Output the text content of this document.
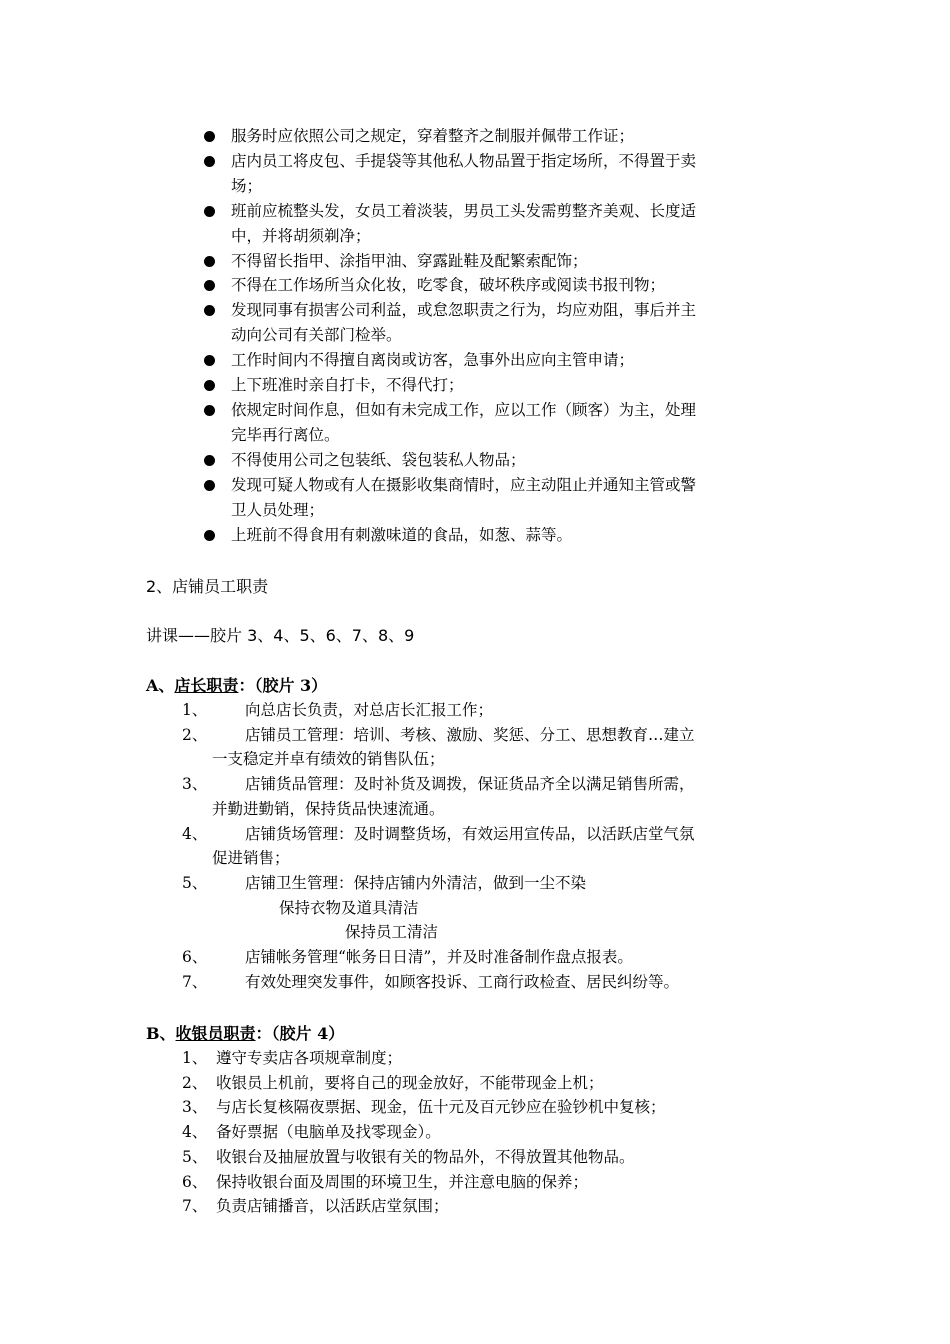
服务时应依照公司之规定，穿着整齐之制服并佩带工作证；
店内员工将皮包、手提袋等其他私人物品置于指定场所，不得置于卖
场；
班前应梳整头发，女员工着淡装，男员工头发需剪整齐美观、长度适
中，并将胡须剃净；
不得留长指甲、涂指甲油、穿露趾鞋及配繁索配饰；
不得在工作场所当众化妆，吃零食，破坏秩序或阅读书报刊物；
发现同事有损害公司利益，或怠忽职责之行为，均应劝阻，事后并主
动向公司有关部门检举。
工作时间内不得擅自离岗或访客，急事外出应向主管申请；
上下班准时亲自打卡，不得代打；
依规定时间作息，但如有未完成工作，应以工作（顾客）为主，处理
完毕再行离位。
不得使用公司之包装纸、袋包装私人物品；
发现可疑人物或有人在摄影收集商情时，应主动阻止并通知主管或警
卫人员处理；
上班前不得食用有刺激味道的食品，如葱、蒜等。
2、店铺员工职责
讲课——胶片 3、4、5、6、7、8、9
A、店长职责：（胶片 3）
1、 向总店长负责，对总店长汇报工作；
2、 店铺员工管理：培训、考核、激励、奖惩、分工、思想教育…建立
一支稳定并卓有绩效的销售队伍；
3、 店铺货品管理：及时补货及调拨，保证货品齐全以满足销售所需，
并勤进勤销，保持货品快速流通。
4、 店铺货场管理：及时调整货场，有效运用宣传品，以活跃店堂气氛
促进销售；
5、 店铺卫生管理：保持店铺内外清洁，做到一尘不染
保持衣物及道具清洁
保持员工清洁
6、 店铺帐务管理“帐务日日清”，并及时准备制作盘点报表。
7、 有效处理突发事件，如顾客投诉、工商行政检查、居民纠纷等。
B、收银员职责：（胶片 4）
1、 遵守专卖店各项规章制度；
2、 收银员上机前，要将自己的现金放好，不能带现金上机；
3、 与店长复核隔夜票据、现金，伍十元及百元钞应在验钞机中复核；
4、 备好票据（电脑单及找零现金）。
5、 收银台及抽屉放置与收银有关的物品外，不得放置其他物品。
6、 保持收银台面及周围的环境卫生，并注意电脑的保养；
7、 负责店铺播音，以活跃店堂氛围；
